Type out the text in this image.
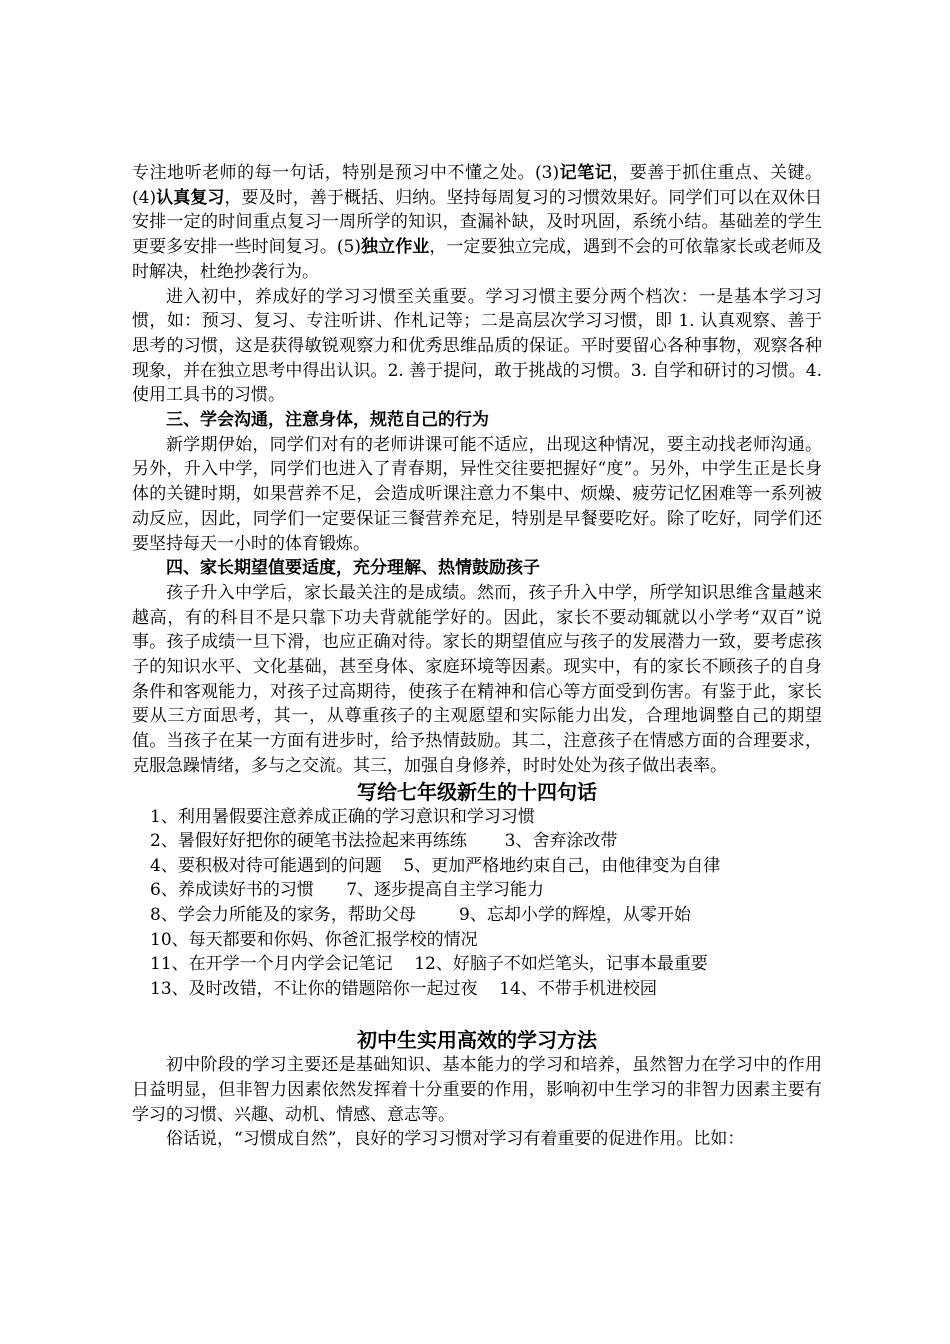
专注地听老师的每一句话，特别是预习中不懂之处。(3)记笔记，要善于抓住重点、关键。(4)认真复习，要及时，善于概括、归纳。坚持每周复习的习惯效果好。同学们可以在双休日安排一定的时间重点复习一周所学的知识，查漏补缺，及时巩固，系统小结。基础差的学生更要多安排一些时间复习。(5)独立作业，一定要独立完成，遇到不会的可依靠家长或老师及时解决，杜绝抄袭行为。

进入初中，养成好的学习习惯至关重要。学习习惯主要分两个档次：一是基本学习习惯，如：预习、复习、专注听讲、作札记等；二是高层次学习习惯，即 1. 认真观察、善于思考的习惯，这是获得敏锐观察力和优秀思维品质的保证。平时要留心各种事物，观察各种现象，并在独立思考中得出认识。2. 善于提问，敢于挑战的习惯。3. 自学和研讨的习惯。4. 使用工具书的习惯。

三、学会沟通，注意身体，规范自己的行为

新学期伊始，同学们对有的老师讲课可能不适应，出现这种情况，要主动找老师沟通。另外，升入中学，同学们也进入了青春期，异性交往要把握好“度”。另外，中学生正是长身体的关键时期，如果营养不足，会造成听课注意力不集中、烦燥、疲劳记忆困难等一系列被动反应，因此，同学们一定要保证三餐营养充足，特别是早餐要吃好。除了吃好，同学们还要坚持每天一小时的体育锻炼。

四、家长期望值要适度，充分理解、热情鼓励孩子

孩子升入中学后，家长最关注的是成绩。然而，孩子升入中学，所学知识思维含量越来越高，有的科目不是只靠下功夫背就能学好的。因此，家长不要动辄就以小学考“双百”说事。孩子成绩一旦下滑，也应正确对待。家长的期望值应与孩子的发展潜力一致，要考虑孩子的知识水平、文化基础，甚至身体、家庭环境等因素。现实中，有的家长不顾孩子的自身条件和客观能力，对孩子过高期待，使孩子在精神和信心等方面受到伤害。有鉴于此，家长要从三方面思考，其一，从尊重孩子的主观愿望和实际能力出发，合理地调整自己的期望值。当孩子在某一方面有进步时，给予热情鼓励。其二，注意孩子在情感方面的合理要求，克服急躁情绪，多与之交流。其三，加强自身修养，时时处处为孩子做出表率。

写给七年级新生的十四句话

1、利用暑假要注意养成正确的学习意识和学习习惯
2、暑假好好把你的硬笔书法捡起来再练练       3、舍弃涂改带
4、要积极对待可能遇到的问题    5、更加严格地约束自己，由他律变为自律
6、养成读好书的习惯      7、逐步提高自主学习能力
8、学会力所能及的家务，帮助父母        9、忘却小学的辉煌，从零开始
10、每天都要和你妈、你爸汇报学校的情况
11、在开学一个月内学会记笔记    12、好脑子不如烂笔头，记事本最重要
13、及时改错，不让你的错题陪你一起过夜    14、不带手机进校园

初中生实用高效的学习方法

初中阶段的学习主要还是基础知识、基本能力的学习和培养，虽然智力在学习中的作用日益明显，但非智力因素依然发挥着十分重要的作用，影响初中生学习的非智力因素主要有学习的习惯、兴趣、动机、情感、意志等。

俗话说，“习惯成自然”，良好的学习习惯对学习有着重要的促进作用。比如：
